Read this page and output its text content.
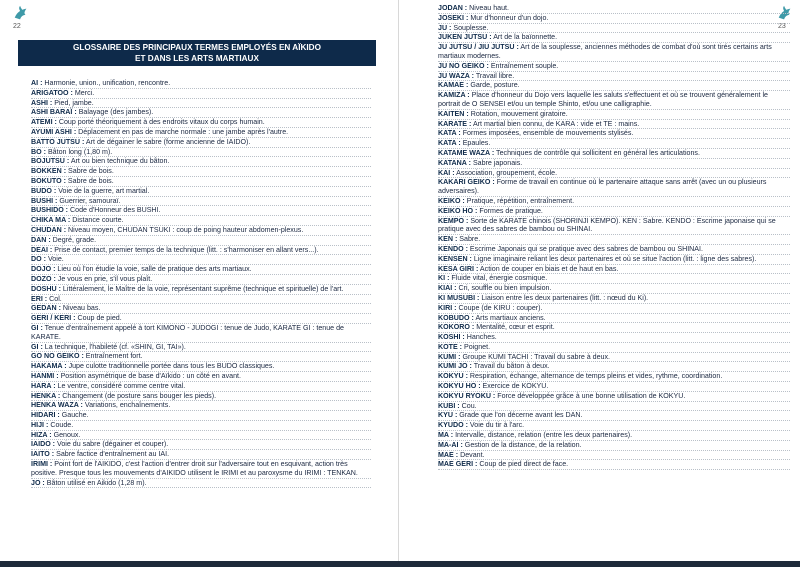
22
GLOSSAIRE DES PRINCIPAUX TERMES EMPLOYÉS EN AÏKIDO
ET DANS LES ARTS MARTIAUX
AI : Harmonie, union., unification, rencontre.
ARIGATOO : Merci.
ASHI : Pied, jambe.
ASHI BARAÏ : Balayage (des jambes).
ATEMI : Coup porté théoriquement à des endroits vitaux du corps humain.
AYUMI ASHI : Déplacement en pas de marche normale : une jambe après l'autre.
BATTO JUTSU : Art de dégainer le sabre (forme ancienne de IAIDO).
BO : Bâton long (1,80 m).
BOJUTSU : Art ou bien technique du bâton.
BOKKEN : Sabre de bois.
BOKUTO : Sabre de bois.
BUDO : Voie de la guerre, art martial.
BUSHI : Guerrier, samouraï.
BUSHIDO : Code d'Honneur des BUSHI.
CHIKA MA : Distance courte.
CHUDAN : Niveau moyen, CHUDAN TSUKI : coup de poing hauteur abdomen-plexus.
DAN : Degré, grade.
DEAI : Prise de contact, premier temps de la technique (litt. : s'harmoniser en allant vers...).
DO : Voie.
DOJO : Lieu où l'on étudie la voie, salle de pratique des arts martiaux.
DOZO : Je vous en prie, s'il vous plaît.
DOSHU : Littéralement, le Maître de la voie, représentant suprême (technique et spirituelle) de l'art.
ERI : Col.
GEDAN : Niveau bas.
GERI / KERI : Coup de pied.
GI : Tenue d'entraînement appelé à tort KIMONO - JUDOGI : tenue de Judo, KARATE GI : tenue de KARATE.
GI : La technique, l'habileté (cf. «SHIN, GI, TAI»).
GO NO GEIKO : Entraînement fort.
HAKAMA : Jupe culotte traditionnelle portée dans tous les BUDO classiques.
HANMI : Position asymétrique de base d'Aïkido : un côté en avant.
HARA : Le ventre, considéré comme centre vital.
HENKA : Changement (de posture sans bouger les pieds).
HENKA WAZA : Variations, enchaînements.
HIDARI : Gauche.
HIJI : Coude.
HIZA : Genoux.
IAIDO : Voie du sabre (dégainer et couper).
IAITO : Sabre factice d'entraînement au IAI.
IRIMI : Point fort de l'AIKIDO, c'est l'action d'entrer droit sur l'adversaire tout en esquivant, action très positive. Presque tous les mouvements d'AIKIDO utilisent le IRIMI et au paroxysme du IRIMI : TENKAN.
JO : Bâton utilisé en Aikido (1,28 m).
23
JODAN : Niveau haut.
JOSEKI : Mur d'honneur d'un dojo.
JU : Souplesse.
JUKEN JUTSU : Art de la baïonnette.
JU JUTSU / JIU JUTSU : Art de la souplesse, anciennes méthodes de combat d'où sont tirés certains arts martiaux modernes.
JU NO GEIKO : Entraînement souple.
JU WAZA : Travail libre.
KAMAE : Garde, posture.
KAMIZA : Place d'honneur du Dojo vers laquelle les saluts s'effectuent et où se trouvent généralement le portrait de O SENSEI et/ou un temple Shinto, et/ou une calligraphie.
KAITEN : Rotation, mouvement giratoire.
KARATE : Art martial bien connu, de KARA : vide et TE : mains.
KATA : Formes imposées, ensemble de mouvements stylisés.
KATA : Epaules.
KATAME WAZA : Techniques de contrôle qui sollicitent en général les articulations.
KATANA : Sabre japonais.
KAI : Association, groupement, école.
KAKARI GEIKO : Forme de travail en continue où le partenaire attaque sans arrêt (avec un ou plusieurs adversaires).
KEIKO : Pratique, répétition, entraînement.
KEIKO HO : Formes de pratique.
KEMPO : Sorte de KARATE chinois (SHORINJI KEMPO). KEN : Sabre. KENDO : Escrime japonaise qui se pratique avec des sabres de bambou ou SHINAI.
KEN : Sabre.
KENDO : Escrime Japonais qui se pratique avec des sabres de bambou ou SHINAI.
KENSEN : Ligne imaginaire reliant les deux partenaires et où se situe l'action (litt. : ligne des sabres).
KESA GIRI : Action de couper en biais et de haut en bas.
KI : Fluide vital, énergie cosmique.
KIAI : Cri, souffle ou bien impulsion.
KI MUSUBI : Liaison entre les deux partenaires (litt. : nœud du Ki).
KIRI : Coupe (de KIRU : couper).
KOBUDO : Arts martiaux anciens.
KOKORO : Mentalité, cœur et esprit.
KOSHI : Hanches.
KOTE : Poignet.
KUMI : Groupe KUMI TACHI : Travail du sabre à deux.
KUMI JO : Travail du bâton à deux.
KOKYU : Respiration, échange, alternance de temps pleins et vides, rythme, coordination.
KOKYU HO : Exercice de KOKYU.
KOKYU RYOKU : Force développée grâce à une bonne utilisation de KOKYU.
KUBI : Cou.
KYU : Grade que l'on décerne avant les DAN.
KYUDO : Voie du tir à l'arc.
MA : Intervalle, distance, relation (entre les deux partenaires).
MA-AI : Gestion de la distance, de la relation.
MAE : Devant.
MAE GERI : Coup de pied direct de face.
